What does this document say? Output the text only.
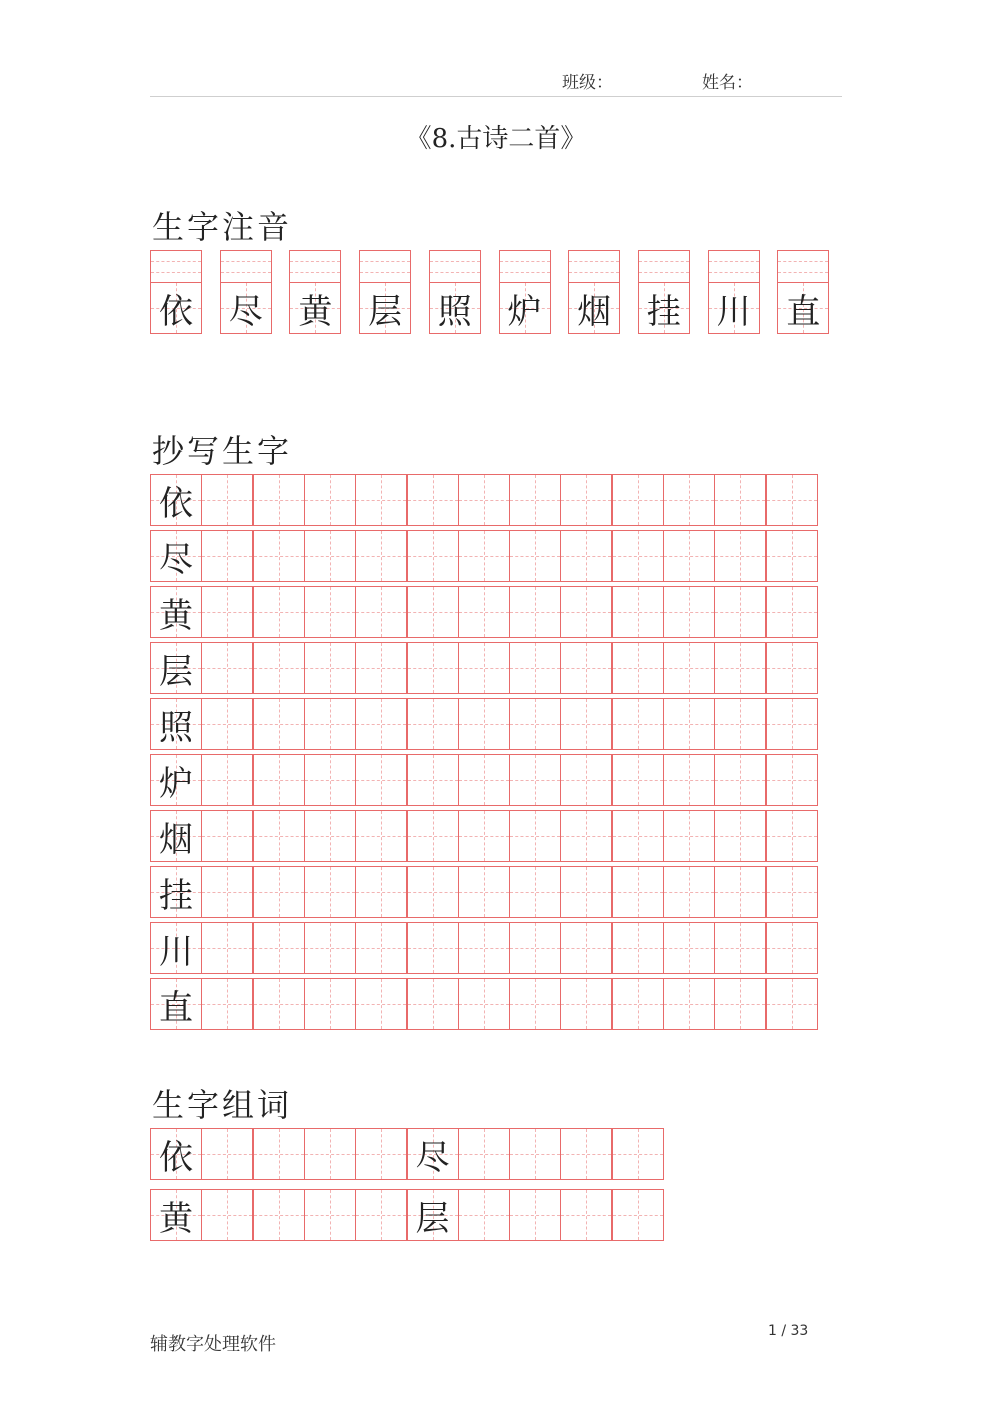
班级：	姓名：
《8.古诗二首》
生字注音
依 尽 黄 层 照 炉 烟 挂 川 直
抄写生字
依
尽
黄
层
照
炉
烟
挂
川
直
生字组词
依	尽
黄	层
辅教字处理软件
1 / 33
